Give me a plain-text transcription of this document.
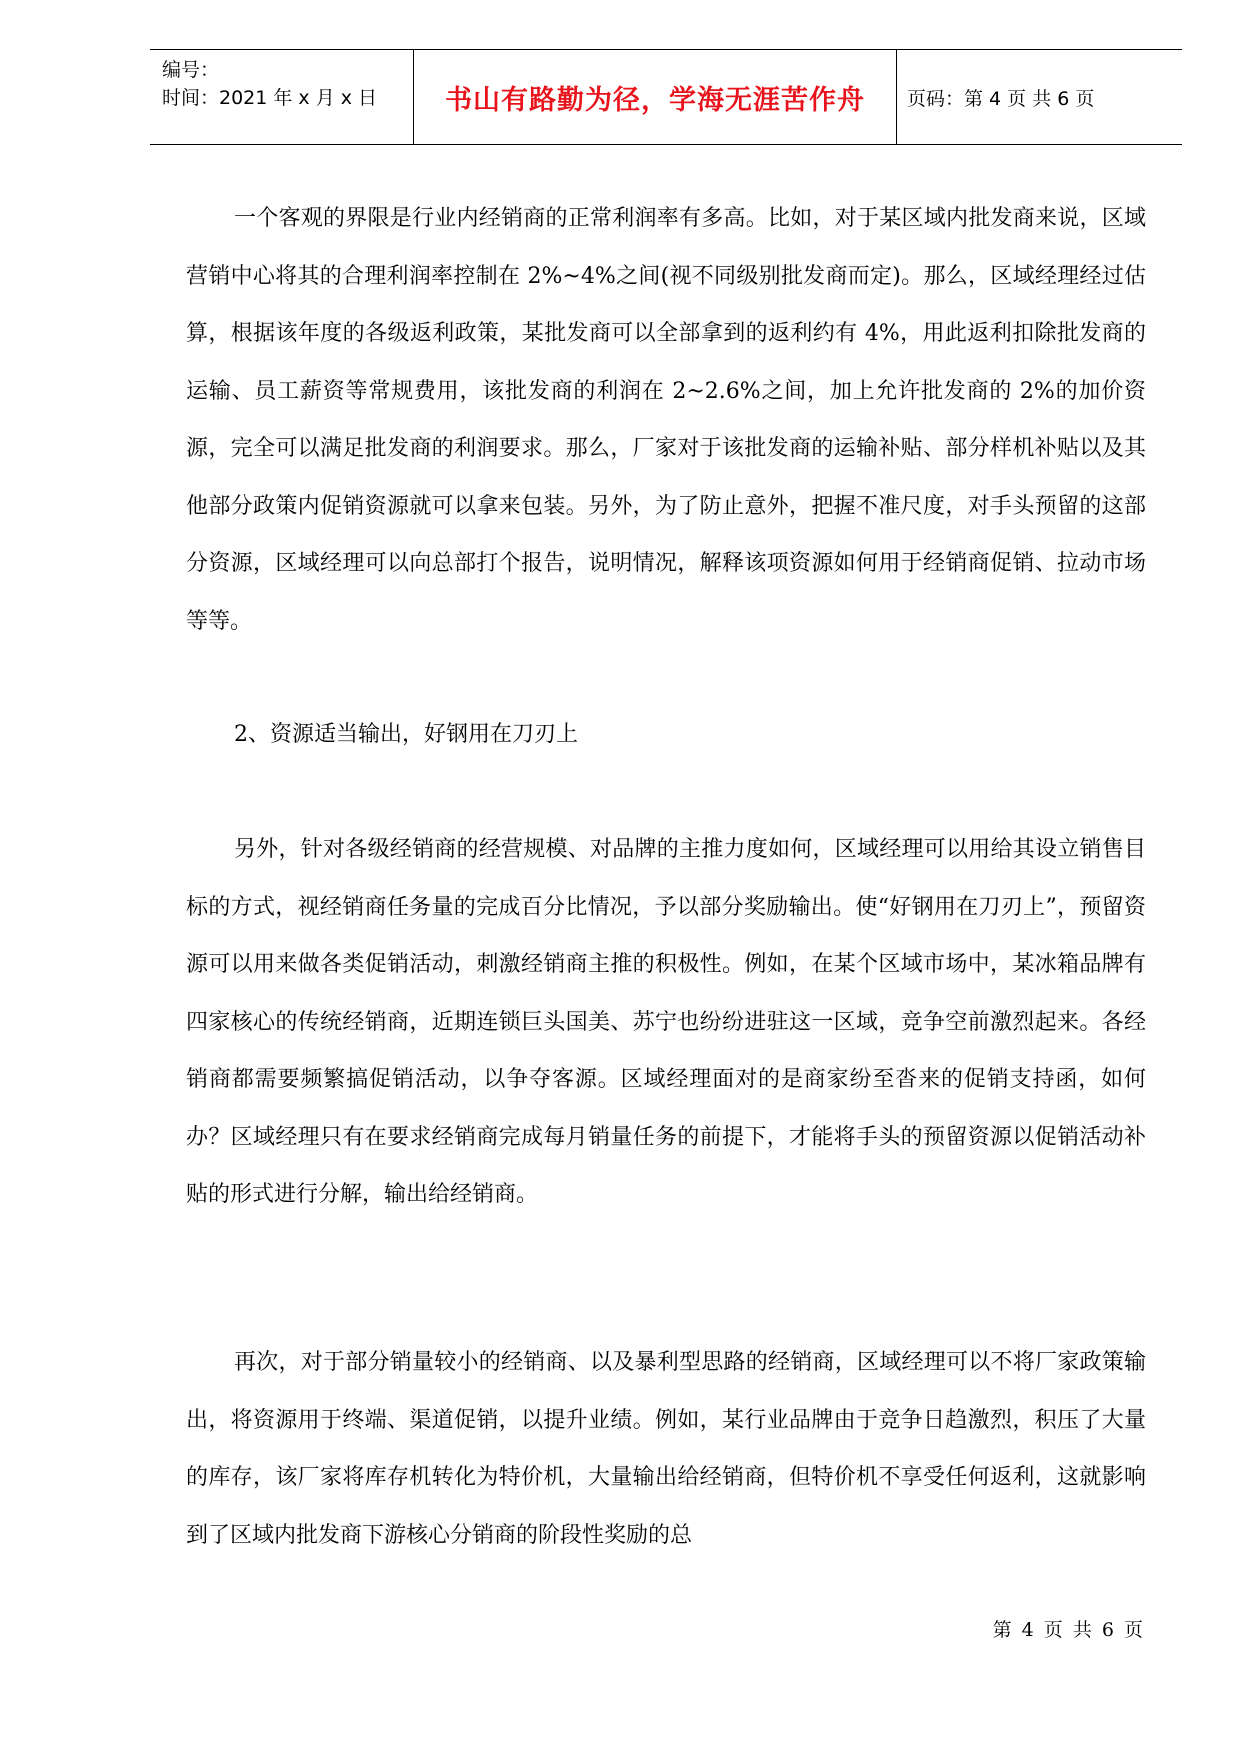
编号：
时间：2021 年 x 月 x 日	书山有路勤为径，学海无涯苦作舟 页码：第 4 页 共 6 页

一个客观的界限是行业内经销商的正常利润率有多高。比如，对于某区域内批发商来说，区域营销中心将其的合理利润率控制在 2%~4%之间(视不同级别批发商而定)。那么，区域经理经过估算，根据该年度的各级返利政策，某批发商可以全部拿到的返利约有 4%，用此返利扣除批发商的运输、员工薪资等常规费用，该批发商的利润在 2~2.6%之间，加上允许批发商的 2%的加价资源，完全可以满足批发商的利润要求。那么，厂家对于该批发商的运输补贴、部分样机补贴以及其他部分政策内促销资源就可以拿来包装。另外，为了防止意外，把握不准尺度，对手头预留的这部分资源，区域经理可以向总部打个报告，说明情况，解释该项资源如何用于经销商促销、拉动市场等等。

2、资源适当输出，好钢用在刀刃上

另外，针对各级经销商的经营规模、对品牌的主推力度如何，区域经理可以用给其设立销售目标的方式，视经销商任务量的完成百分比情况，予以部分奖励输出。使“好钢用在刀刃上”，预留资源可以用来做各类促销活动，刺激经销商主推的积极性。例如，在某个区域市场中，某冰箱品牌有四家核心的传统经销商，近期连锁巨头国美、苏宁也纷纷进驻这一区域，竞争空前激烈起来。各经销商都需要频繁搞促销活动，以争夺客源。区域经理面对的是商家纷至沓来的促销支持函，如何办？区域经理只有在要求经销商完成每月销量任务的前提下，才能将手头的预留资源以促销活动补贴的形式进行分解，输出给经销商。

再次，对于部分销量较小的经销商、以及暴利型思路的经销商，区域经理可以不将厂家政策输出，将资源用于终端、渠道促销，以提升业绩。例如，某行业品牌由于竞争日趋激烈，积压了大量的库存，该厂家将库存机转化为特价机，大量输出给经销商，但特价机不享受任何返利，这就影响到了区域内批发商下游核心分销商的阶段性奖励的总

第 4 页 共 6 页
